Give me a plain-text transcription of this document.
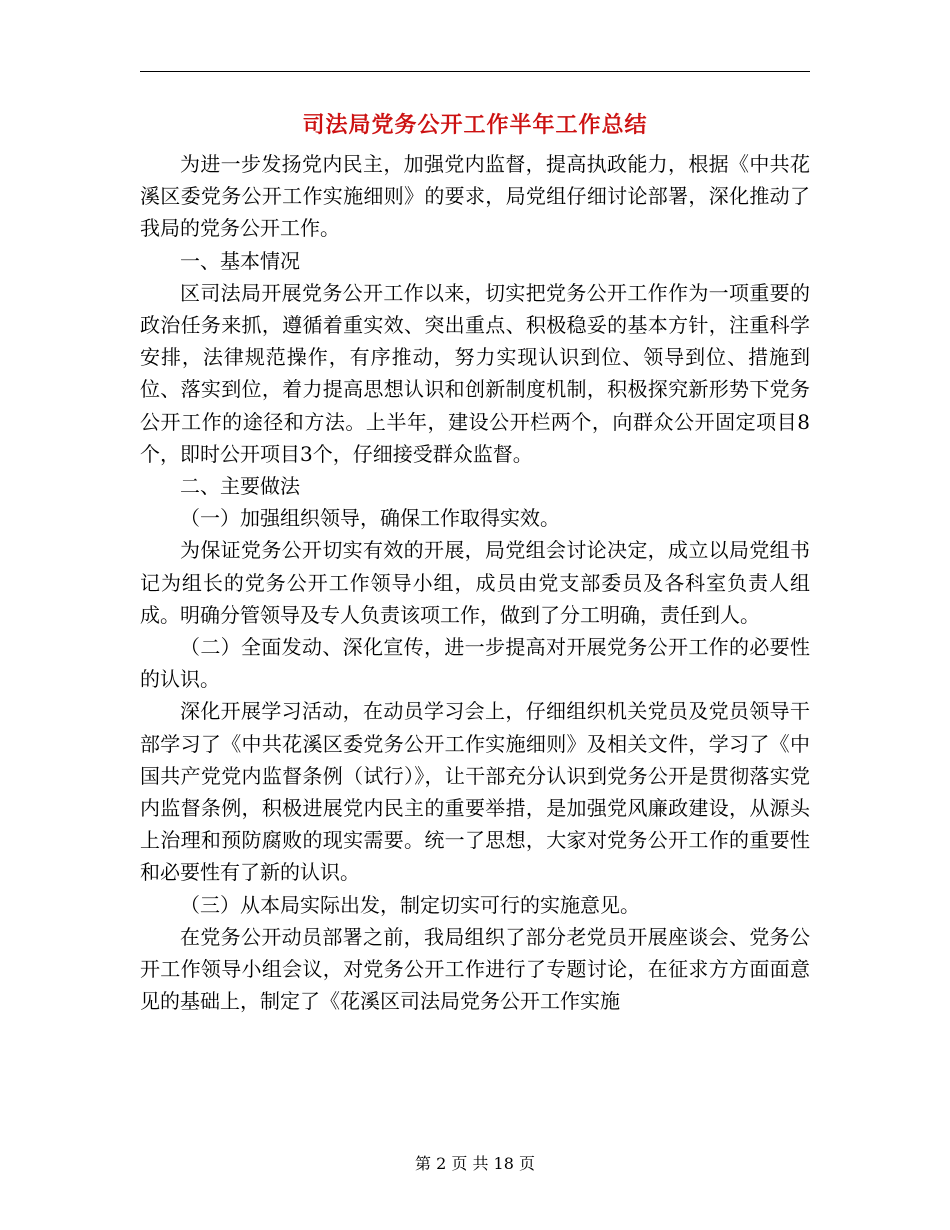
司法局党务公开工作半年工作总结

为进一步发扬党内民主，加强党内监督，提高执政能力，根据《中共花溪区委党务公开工作实施细则》的要求，局党组仔细讨论部署，深化推动了我局的党务公开工作。

一、基本情况

区司法局开展党务公开工作以来，切实把党务公开工作作为一项重要的政治任务来抓，遵循着重实效、突出重点、积极稳妥的基本方针，注重科学安排，法律规范操作，有序推动，努力实现认识到位、领导到位、措施到位、落实到位，着力提高思想认识和创新制度机制，积极探究新形势下党务公开工作的途径和方法。上半年，建设公开栏两个，向群众公开固定项目8个，即时公开项目3个，仔细接受群众监督。

二、主要做法

（一）加强组织领导，确保工作取得实效。

为保证党务公开切实有效的开展，局党组会讨论决定，成立以局党组书记为组长的党务公开工作领导小组，成员由党支部委员及各科室负责人组成。明确分管领导及专人负责该项工作，做到了分工明确，责任到人。

（二）全面发动、深化宣传，进一步提高对开展党务公开工作的必要性的认识。

深化开展学习活动，在动员学习会上，仔细组织机关党员及党员领导干部学习了《中共花溪区委党务公开工作实施细则》及相关文件，学习了《中国共产党党内监督条例（试行）》，让干部充分认识到党务公开是贯彻落实党内监督条例，积极进展党内民主的重要举措，是加强党风廉政建设，从源头上治理和预防腐败的现实需要。统一了思想，大家对党务公开工作的重要性和必要性有了新的认识。

（三）从本局实际出发，制定切实可行的实施意见。

在党务公开动员部署之前，我局组织了部分老党员开展座谈会、党务公开工作领导小组会议，对党务公开工作进行了专题讨论，在征求方方面面意见的基础上，制定了《花溪区司法局党务公开工作实施

第 2 页 共 18 页
